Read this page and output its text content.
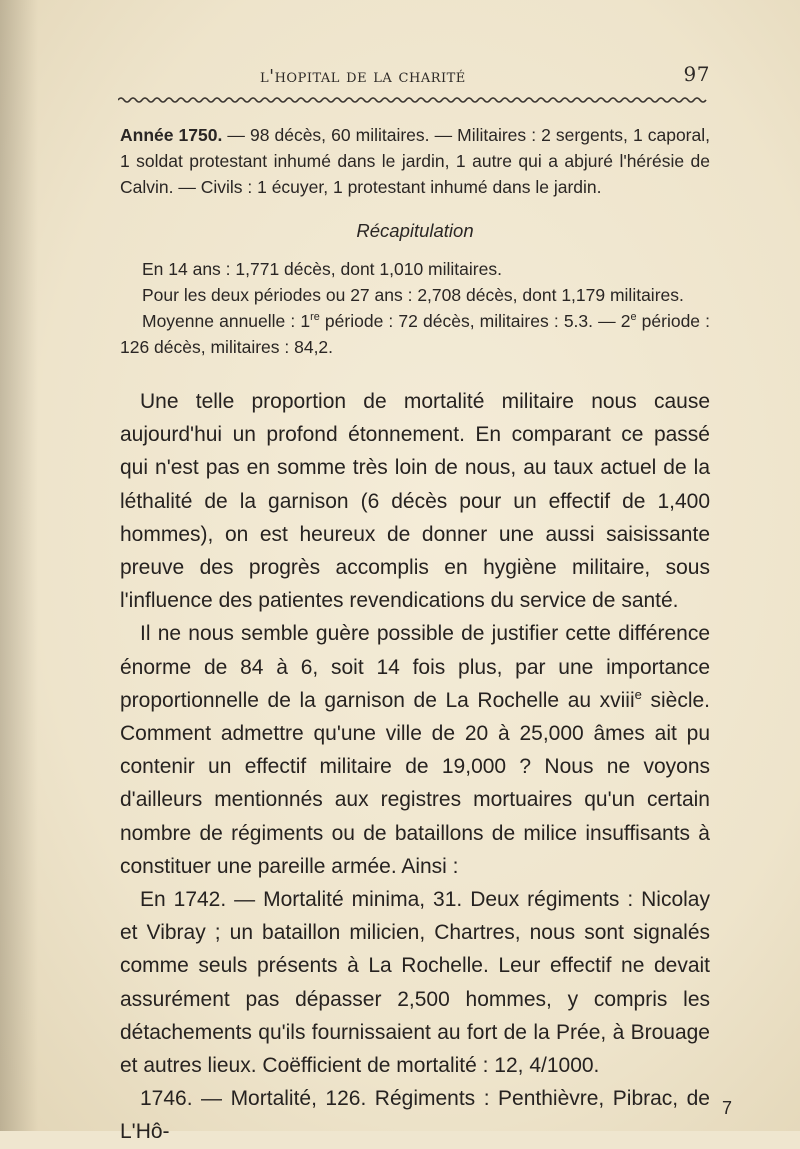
l'hopital de la charité	97

Année 1750. — 98 décès, 60 militaires. — Militaires : 2 sergents, 1 caporal, 1 soldat protestant inhumé dans le jardin, 1 autre qui a abjuré l'hérésie de Calvin. — Civils : 1 écuyer, 1 protestant inhumé dans le jardin.

Récapitulation

En 14 ans : 1,771 décès, dont 1,010 militaires.

Pour les deux périodes ou 27 ans : 2,708 décès, dont 1,179 militaires.

Moyenne annuelle : 1re période : 72 décès, militaires : 5.3. — 2e période : 126 décès, militaires : 84,2.

Une telle proportion de mortalité militaire nous cause aujourd'hui un profond étonnement. En comparant ce passé qui n'est pas en somme très loin de nous, au taux actuel de la léthalité de la garnison (6 décès pour un effectif de 1,400 hommes), on est heureux de donner une aussi saisissante preuve des progrès accomplis en hygiène militaire, sous l'influence des patientes revendications du service de santé.

Il ne nous semble guère possible de justifier cette différence énorme de 84 à 6, soit 14 fois plus, par une importance proportionnelle de la garnison de La Rochelle au xviii$^e$ siècle. Comment admettre qu'une ville de 20 à 25,000 âmes ait pu contenir un effectif militaire de 19,000 ? Nous ne voyons d'ailleurs mentionnés aux registres mortuaires qu'un certain nombre de régiments ou de bataillons de milice insuffisants à constituer une pareille armée. Ainsi :

En 1742. — Mortalité minima, 31. Deux régiments : Nicolay et Vibray ; un bataillon milicien, Chartres, nous sont signalés comme seuls présents à La Rochelle. Leur effectif ne devait assurément pas dépasser 2,500 hommes, y compris les détachements qu'ils fournissaient au fort de la Prée, à Brouage et autres lieux. Coëfficient de mortalité : 12, 4/1000.

1746. — Mortalité, 126. Régiments : Penthièvre, Pibrac, de L'Hô-

7
